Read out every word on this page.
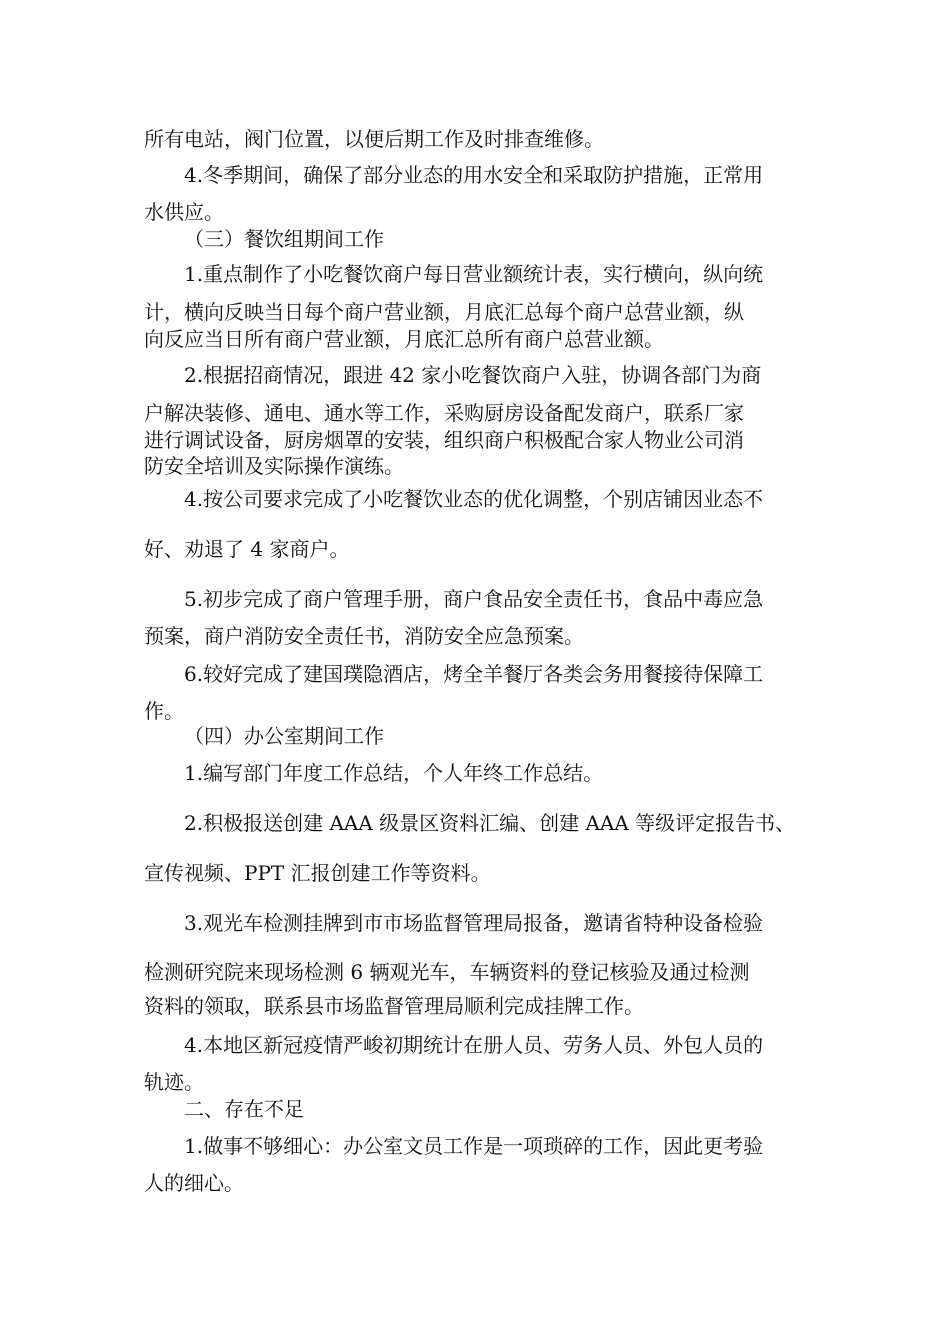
所有电站，阀门位置，以便后期工作及时排查维修。
4.冬季期间，确保了部分业态的用水安全和采取防护措施，正常用
水供应。
（三）餐饮组期间工作
1.重点制作了小吃餐饮商户每日营业额统计表，实行横向，纵向统
计，横向反映当日每个商户营业额，月底汇总每个商户总营业额，纵
向反应当日所有商户营业额，月底汇总所有商户总营业额。
2.根据招商情况，跟进 42 家小吃餐饮商户入驻，协调各部门为商
户解决装修、通电、通水等工作，采购厨房设备配发商户，联系厂家
进行调试设备，厨房烟罩的安装，组织商户积极配合家人物业公司消
防安全培训及实际操作演练。
4.按公司要求完成了小吃餐饮业态的优化调整，个别店铺因业态不
好、劝退了 4 家商户。
5.初步完成了商户管理手册，商户食品安全责任书，食品中毒应急
预案，商户消防安全责任书，消防安全应急预案。
6.较好完成了建国璞隐酒店，烤全羊餐厅各类会务用餐接待保障工
作。
（四）办公室期间工作
1.编写部门年度工作总结，个人年终工作总结。
2.积极报送创建 AAA 级景区资料汇编、创建 AAA 等级评定报告书、
宣传视频、PPT 汇报创建工作等资料。
3.观光车检测挂牌到市市场监督管理局报备，邀请省特种设备检验
检测研究院来现场检测 6 辆观光车，车辆资料的登记核验及通过检测
资料的领取，联系县市场监督管理局顺利完成挂牌工作。
4.本地区新冠疫情严峻初期统计在册人员、劳务人员、外包人员的
轨迹。
二、存在不足
1.做事不够细心：办公室文员工作是一项琐碎的工作，因此更考验
人的细心。
